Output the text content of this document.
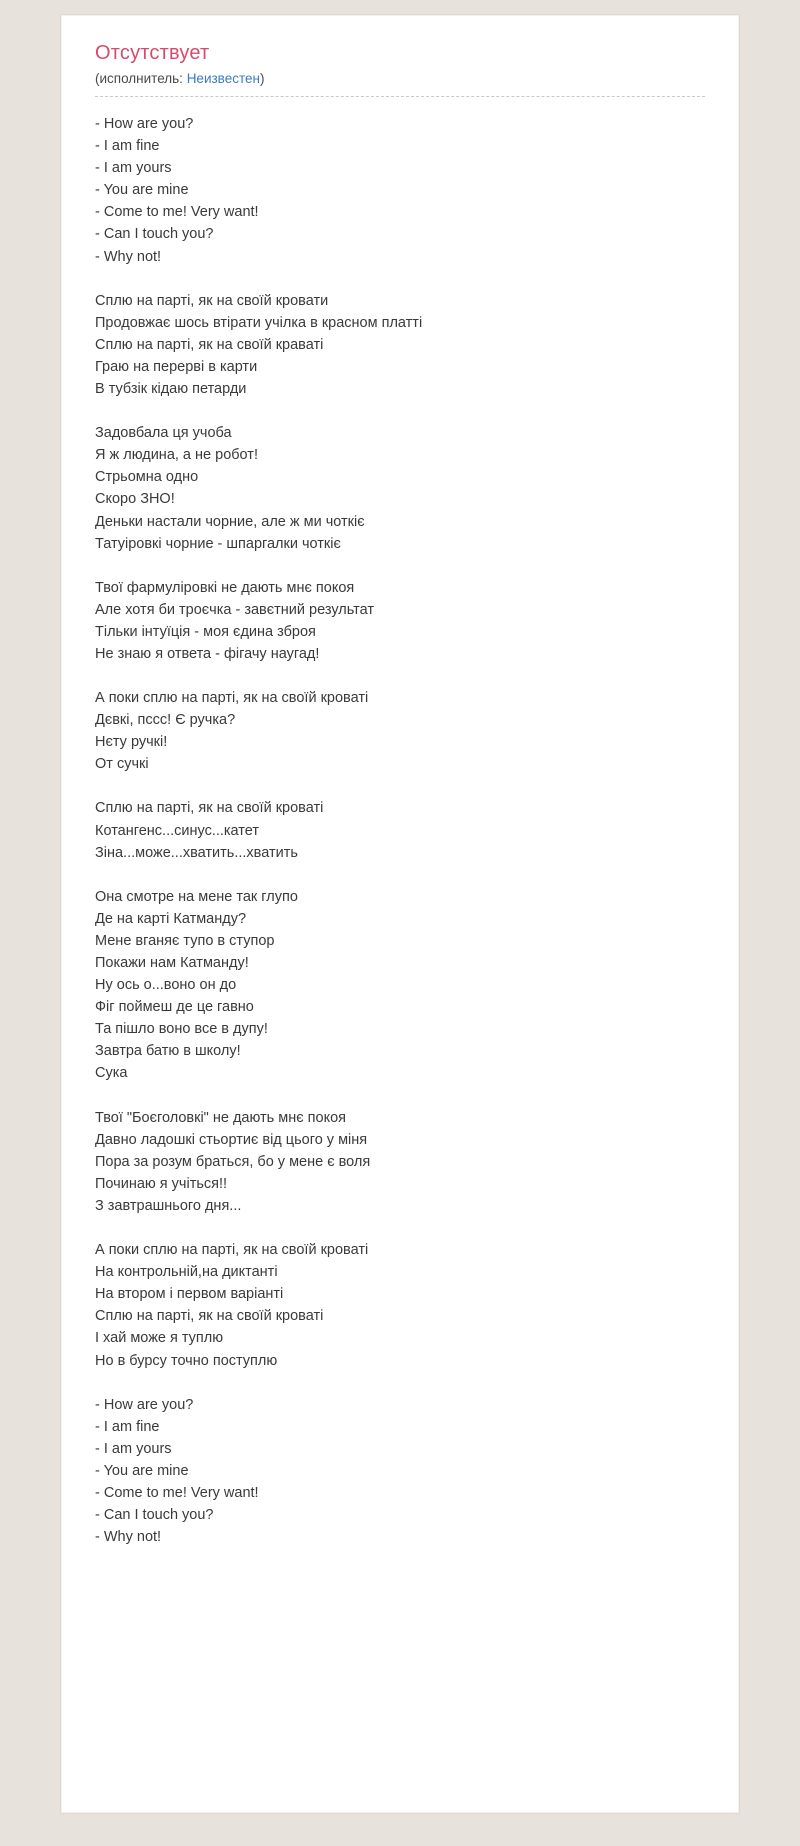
Отсутствует

(исполнитель: Неизвестен)

- How are you?
- I am fine
- I am yours
- You are mine
- Come to me! Very want!
- Can I touch you?
- Why not!
Сплю на парті, як на своїй кровати
Продовжає шось втірати учілка в красном платті
Сплю на парті, як на своїй краваті
Граю на перерві в карти
В тубзік кідаю петарди
Задовбала ця учоба
Я ж людина, а не робот!
Стрьомна одно
Скоро ЗНО!
Деньки настали чорние, але ж ми чоткіє
Татуіровкі чорние - шпаргалки чоткіє
Твої фармуліровкі не дають мнє покоя
Але хотя би троєчка - завєтний результат
Тільки інтуїція - моя єдина зброя
Не знаю я ответа - фігачу наугад!
А поки сплю на парті, як на своїй кроваті
Дєвкі, пссс! Є ручка?
Нєту ручкі!
От сучкі
Сплю на парті, як на своїй кроваті
Котангенс...синус...катет
Зіна...може...хватить...хватить
Она смотре на мене так глупо
Де на карті Катманду?
Мене вганяє тупо в ступор
Покажи нам Катманду!
Ну ось о...воно он до
Фіг поймеш де це гавно
Та пішло воно все в дупу!
Завтра батю в школу!
Сука
Твої "Боєголовкі" не дають мнє покоя
Давно ладошкі стьортиє від цього у міня
Пора за розум браться, бо у мене є воля
Починаю я учіться!!
З завтрашнього дня...
А поки сплю на парті, як на своїй кроваті
На контрольній,на диктанті
На втором і первом варіанті
Сплю на парті, як на своїй кроваті
І хай може я туплю
Но в бурсу точно поступлю
- How are you?
- I am fine
- I am yours
- You are mine
- Come to me! Very want!
- Can I touch you?
- Why not!
